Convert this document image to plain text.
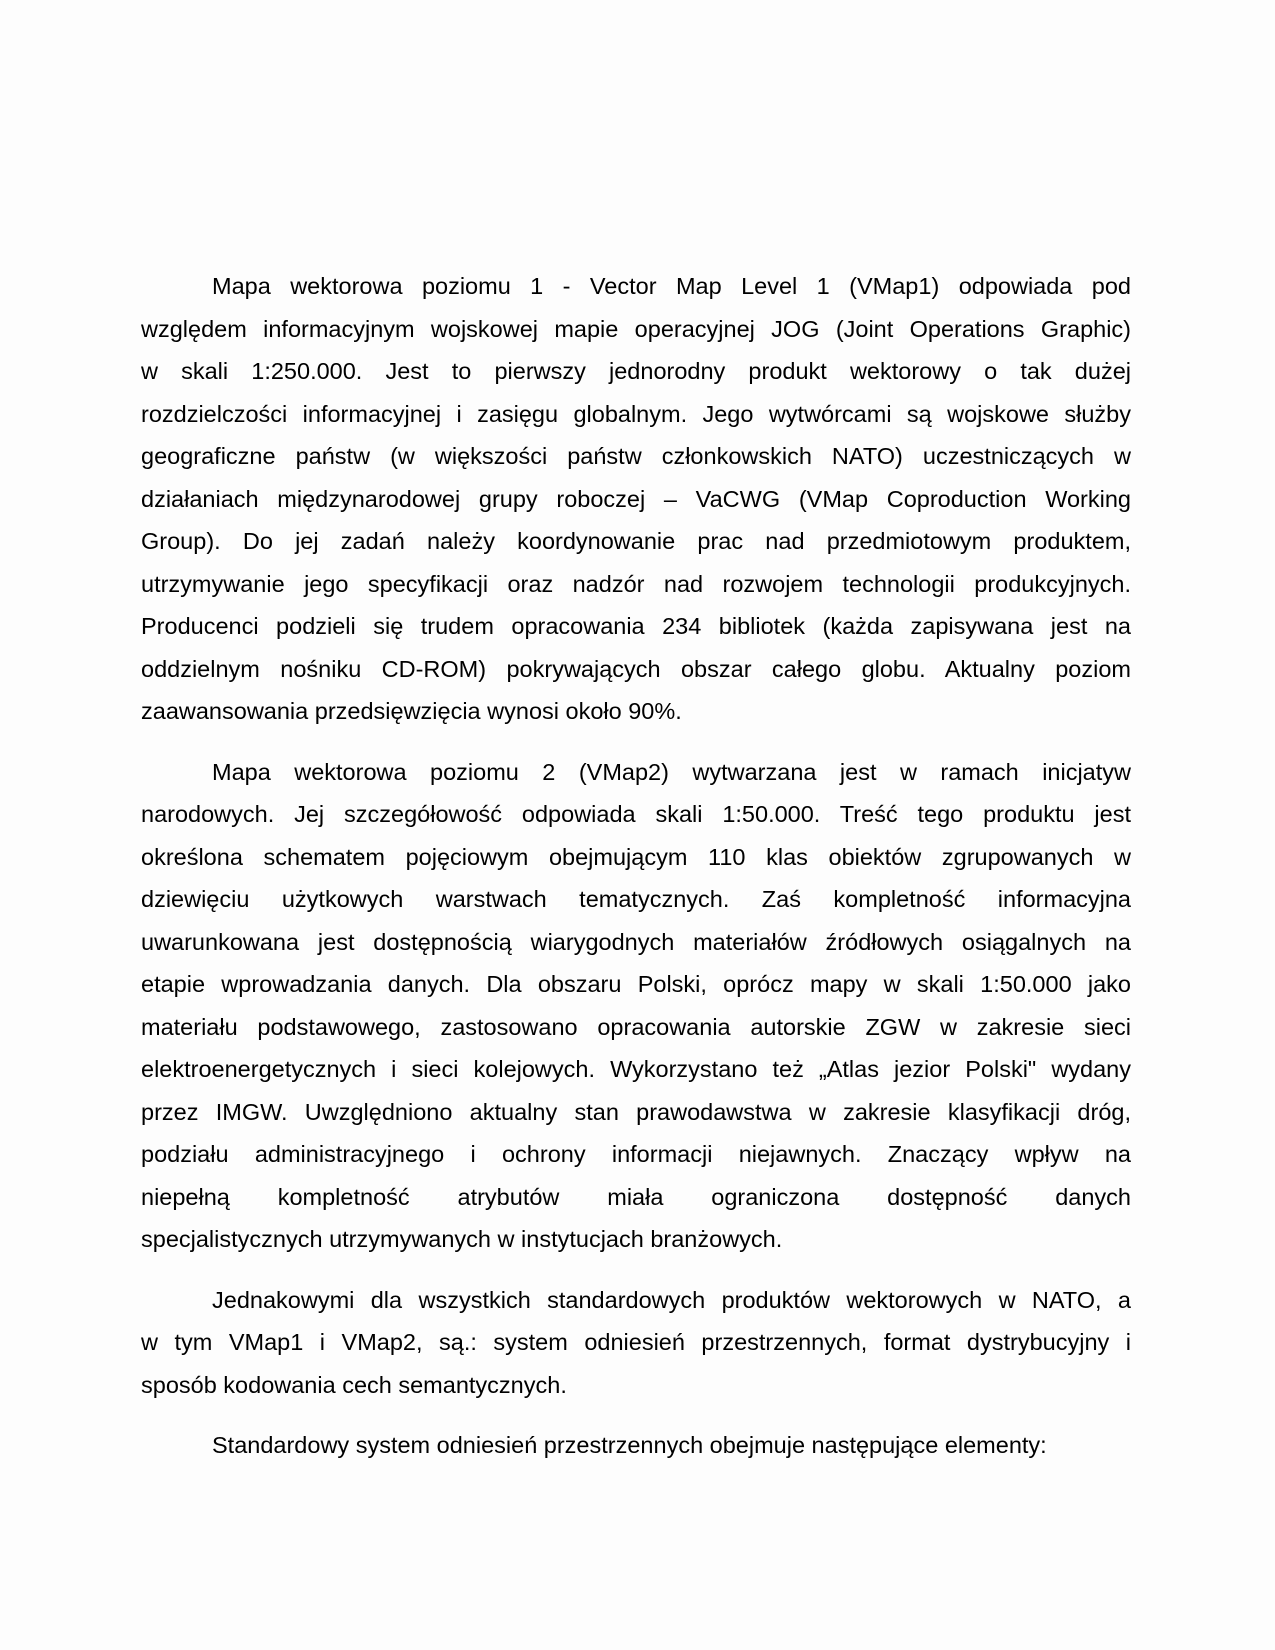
Mapa wektorowa poziomu 1 - Vector Map Level 1 (VMap1) odpowiada pod
względem informacyjnym wojskowej mapie operacyjnej JOG (Joint Operations Graphic)
w skali 1:250.000. Jest to pierwszy jednorodny produkt wektorowy o tak dużej
rozdzielczości informacyjnej i zasięgu globalnym. Jego wytwórcami są wojskowe służby
geograficzne państw (w większości państw członkowskich NATO) uczestniczących w
działaniach międzynarodowej grupy roboczej – VaCWG (VMap Coproduction Working
Group). Do jej zadań należy koordynowanie prac nad przedmiotowym produktem,
utrzymywanie jego specyfikacji oraz nadzór nad rozwojem technologii produkcyjnych.
Producenci podzieli się trudem opracowania 234 bibliotek (każda zapisywana jest na
oddzielnym nośniku CD-ROM) pokrywających obszar całego globu. Aktualny poziom
zaawansowania przedsięwzięcia wynosi około 90%.
Mapa wektorowa poziomu 2 (VMap2) wytwarzana jest w ramach inicjatyw
narodowych. Jej szczegółowość odpowiada skali 1:50.000. Treść tego produktu jest
określona schematem pojęciowym obejmującym 110 klas obiektów zgrupowanych w
dziewięciu użytkowych warstwach tematycznych. Zaś kompletność informacyjna
uwarunkowana jest dostępnością wiarygodnych materiałów źródłowych osiągalnych na
etapie wprowadzania danych. Dla obszaru Polski, oprócz mapy w skali 1:50.000 jako
materiału podstawowego, zastosowano opracowania autorskie ZGW w zakresie sieci
elektroenergetycznych i sieci kolejowych. Wykorzystano też „Atlas jezior Polski" wydany
przez IMGW. Uwzględniono aktualny stan prawodawstwa w zakresie klasyfikacji dróg,
podziału administracyjnego i ochrony informacji niejawnych. Znaczący wpływ na
niepełną kompletność atrybutów miała ograniczona dostępność danych
specjalistycznych utrzymywanych w instytucjach branżowych.
Jednakowymi dla wszystkich standardowych produktów wektorowych w NATO, a
w tym VMap1 i VMap2, są.: system odniesień przestrzennych, format dystrybucyjny i
sposób kodowania cech semantycznych.
Standardowy system odniesień przestrzennych obejmuje następujące elementy:
